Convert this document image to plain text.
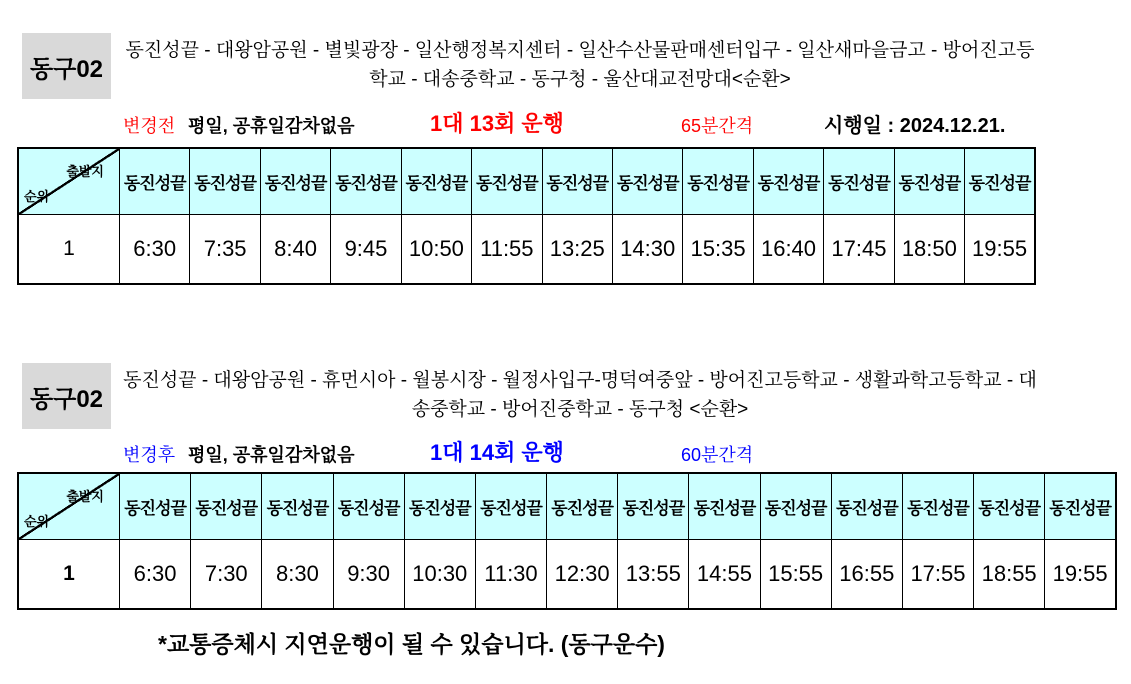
동구02
동진성끝 - 대왕암공원 - 별빛광장 - 일산행정복지센터 - 일산수산물판매센터입구 - 일산새마을금고 - 방어진고등학교 - 대송중학교 - 동구청 - 울산대교전망대<순환>
변경전 평일, 공휴일감차없음	1대 13회 운행	65분간격	시행일 : 2024.12.21.
출발지
순위	동진성끝	동진성끝	동진성끝	동진성끝	동진성끝	동진성끝	동진성끝	동진성끝	동진성끝	동진성끝	동진성끝	동진성끝	동진성끝
1	6:30	7:35	8:40	9:45	10:50	11:55	13:25	14:30	15:35	16:40	17:45	18:50	19:55
동구02
동진성끝 - 대왕암공원 - 휴먼시아 - 월봉시장 - 월정사입구-명덕여중앞 - 방어진고등학교 - 생활과학고등학교 - 대송중학교 - 방어진중학교 - 동구청 <순환>
변경후 평일, 공휴일감차없음	1대 14회 운행	60분간격
출발지
순위	동진성끝	동진성끝	동진성끝	동진성끝	동진성끝	동진성끝	동진성끝	동진성끝	동진성끝	동진성끝	동진성끝	동진성끝	동진성끝	동진성끝
1	6:30	7:30	8:30	9:30	10:30	11:30	12:30	13:55	14:55	15:55	16:55	17:55	18:55	19:55
*교통증체시 지연운행이 될 수 있습니다. (동구운수)
